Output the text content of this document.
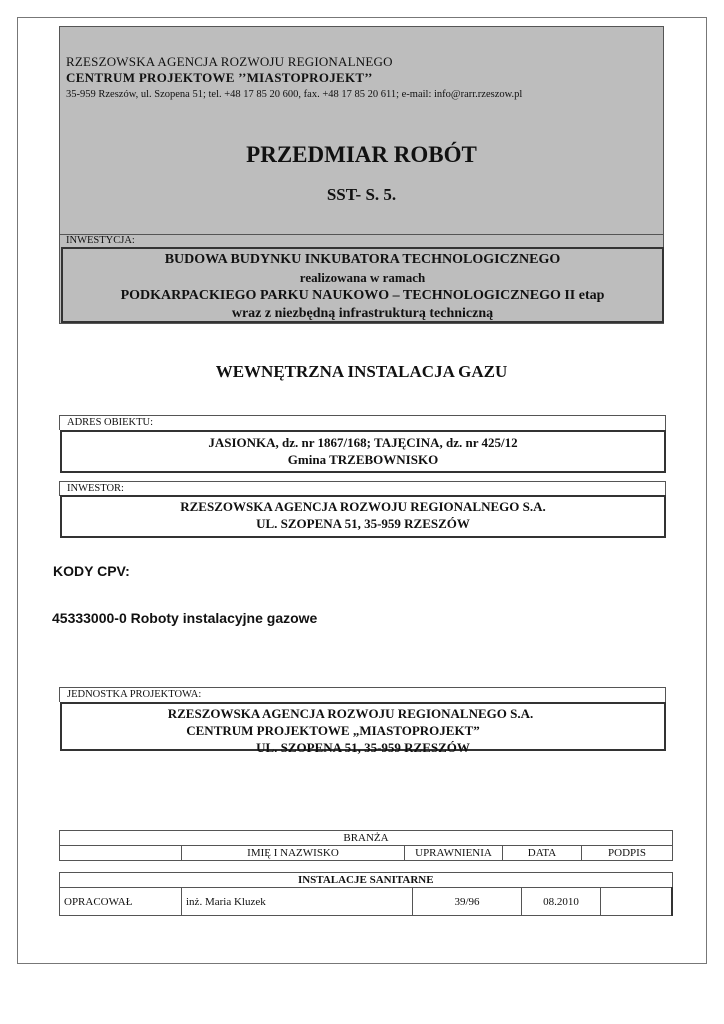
RZESZOWSKA AGENCJA ROZWOJU REGIONALNEGO
CENTRUM PROJEKTOWE ’’MIASTOPROJEKT’’
35-959 Rzeszów, ul. Szopena 51; tel. +48 17 85 20 600, fax. +48 17 85 20 611; e-mail: info@rarr.rzeszow.pl
PRZEDMIAR ROBÓT
SST- S. 5.
INWESTYCJA:
BUDOWA BUDYNKU INKUBATORA TECHNOLOGICZNEGO
realizowana w ramach
PODKARPACKIEGO PARKU NAUKOWO – TECHNOLOGICZNEGO II etap
wraz z niezbędną infrastrukturą techniczną
WEWNĘTRZNA INSTALACJA GAZU
ADRES OBIEKTU:
JASIONKA, dz. nr 1867/168; TAJĘCINA, dz. nr 425/12
Gmina TRZEBOWNISKO
INWESTOR:
RZESZOWSKA AGENCJA ROZWOJU REGIONALNEGO S.A.
UL. SZOPENA 51, 35-959 RZESZÓW
KODY CPV:
45333000-0 Roboty instalacyjne gazowe
JEDNOSTKA PROJEKTOWA:
RZESZOWSKA AGENCJA ROZWOJU REGIONALNEGO S.A.
CENTRUM PROJEKTOWE „MIASTOPROJEKT”
UL. SZOPENA 51, 35-959 RZESZÓW
BRANŻA
	IMIĘ I NAZWISKO	UPRAWNIENIA	DATA	PODPIS
INSTALACJE SANITARNE
OPRACOWAŁ	inż. Maria Kluzek	39/96	08.2010	
